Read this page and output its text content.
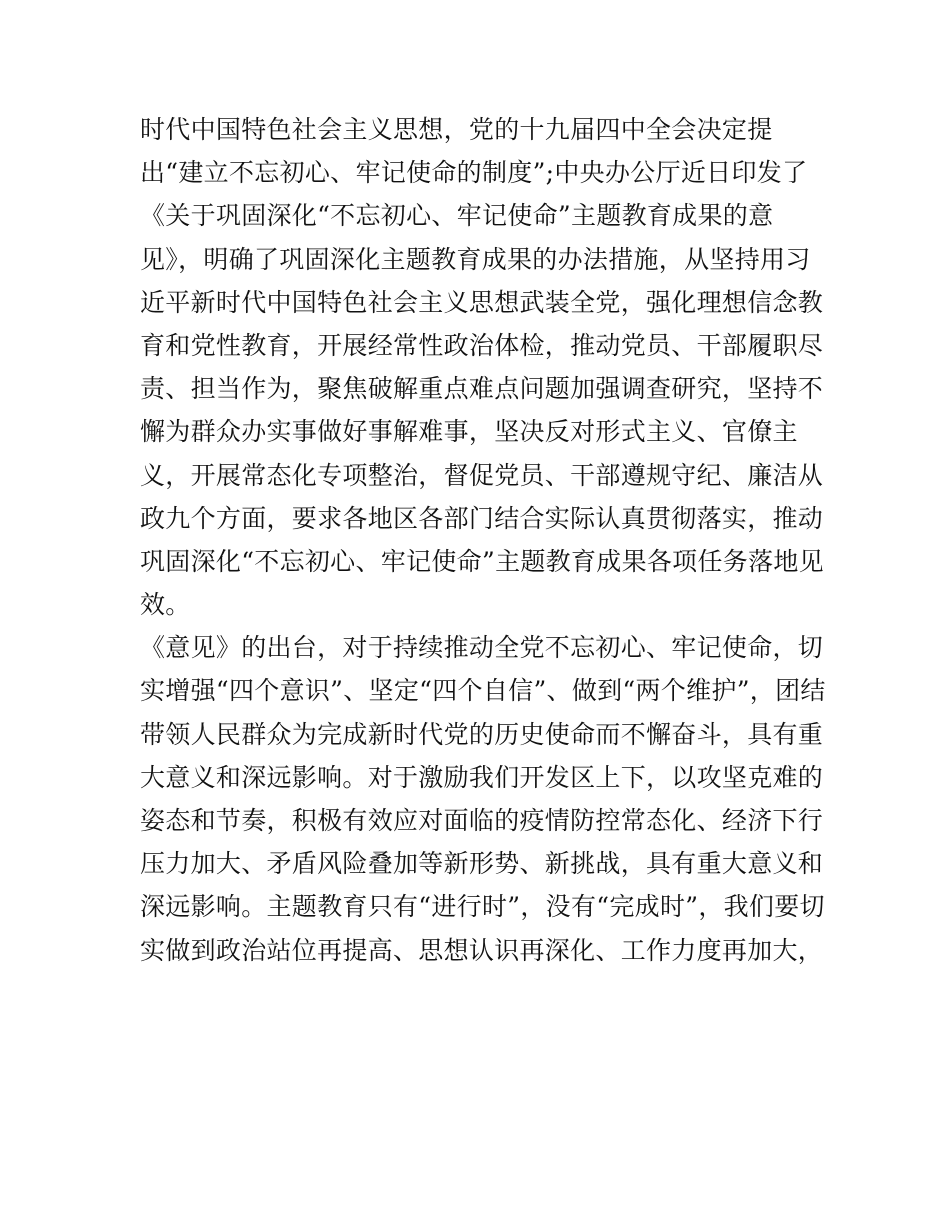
时代中国特色社会主义思想，党的十九届四中全会决定提
出“建立不忘初心、牢记使命的制度”;中央办公厅近日印发了
《关于巩固深化“不忘初心、牢记使命”主题教育成果的意
见》，明确了巩固深化主题教育成果的办法措施，从坚持用习
近平新时代中国特色社会主义思想武装全党，强化理想信念教
育和党性教育，开展经常性政治体检，推动党员、干部履职尽
责、担当作为，聚焦破解重点难点问题加强调查研究，坚持不
懈为群众办实事做好事解难事，坚决反对形式主义、官僚主
义，开展常态化专项整治，督促党员、干部遵规守纪、廉洁从
政九个方面，要求各地区各部门结合实际认真贯彻落实，推动
巩固深化“不忘初心、牢记使命”主题教育成果各项任务落地见
效。
《意见》的出台，对于持续推动全党不忘初心、牢记使命，切
实增强“四个意识”、坚定“四个自信”、做到“两个维护”，团结
带领人民群众为完成新时代党的历史使命而不懈奋斗，具有重
大意义和深远影响。对于激励我们开发区上下，以攻坚克难的
姿态和节奏，积极有效应对面临的疫情防控常态化、经济下行
压力加大、矛盾风险叠加等新形势、新挑战，具有重大意义和
深远影响。主题教育只有“进行时”，没有“完成时”，我们要切
实做到政治站位再提高、思想认识再深化、工作力度再加大，
